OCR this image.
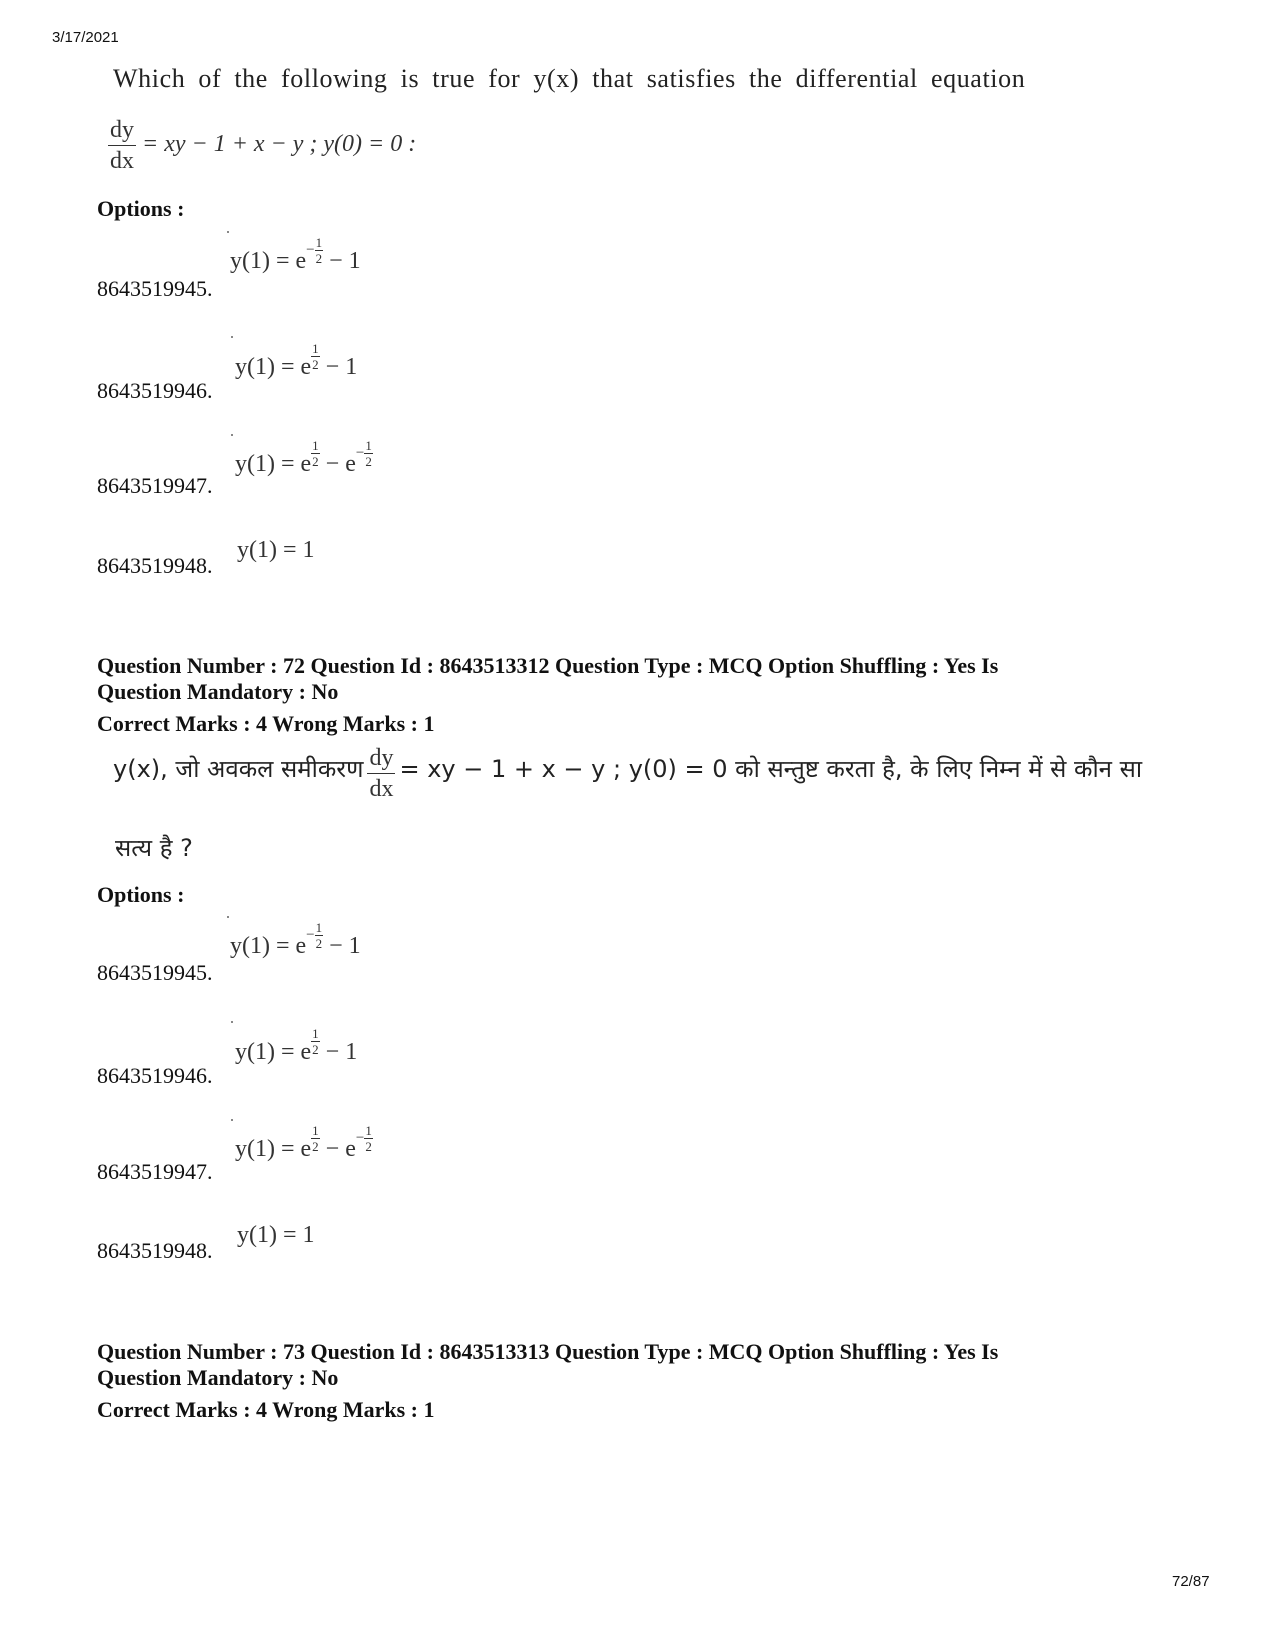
3/17/2021
Which of the following is true for y(x) that satisfies the differential equation
$\frac{dy}{dx}$ = xy − 1 + x − y ; y(0) = 0 :
Options :
8643519945.
$y(1) = e^- \frac{1}{2} - 1$
8643519946.
y(1) = e $\frac{1}{2} - 1$
8643519947.
y(1) = e $\frac{1}{2} - e^- \frac{1}{2}$
8643519948.
y(1) = 1
Question Number : 72 Question Id : 8643513312 Question Type : MCQ Option Shuffling : Yes Is
Question Mandatory : No
Correct Marks : 4 Wrong Marks : 1
y(x), जो अवकल समीकरण $\frac{dy}{dx}$ = xy − 1 + x − y ; y(0) = 0 को सन्तुष्ट करता है, के लिए निम्न में से कौन सा
सत्य है ?
Options :
8643519945.
$y(1) = e^- \frac{1}{2} - 1$
8643519946.
y(1) = e $\frac{1}{2} - 1$
8643519947.
y(1) = e $\frac{1}{2} - e^- \frac{1}{2}$
8643519948.
y(1) = 1
Question Number : 73 Question Id : 8643513313 Question Type : MCQ Option Shuffling : Yes Is
Question Mandatory : No
Correct Marks : 4 Wrong Marks : 1
72/87
